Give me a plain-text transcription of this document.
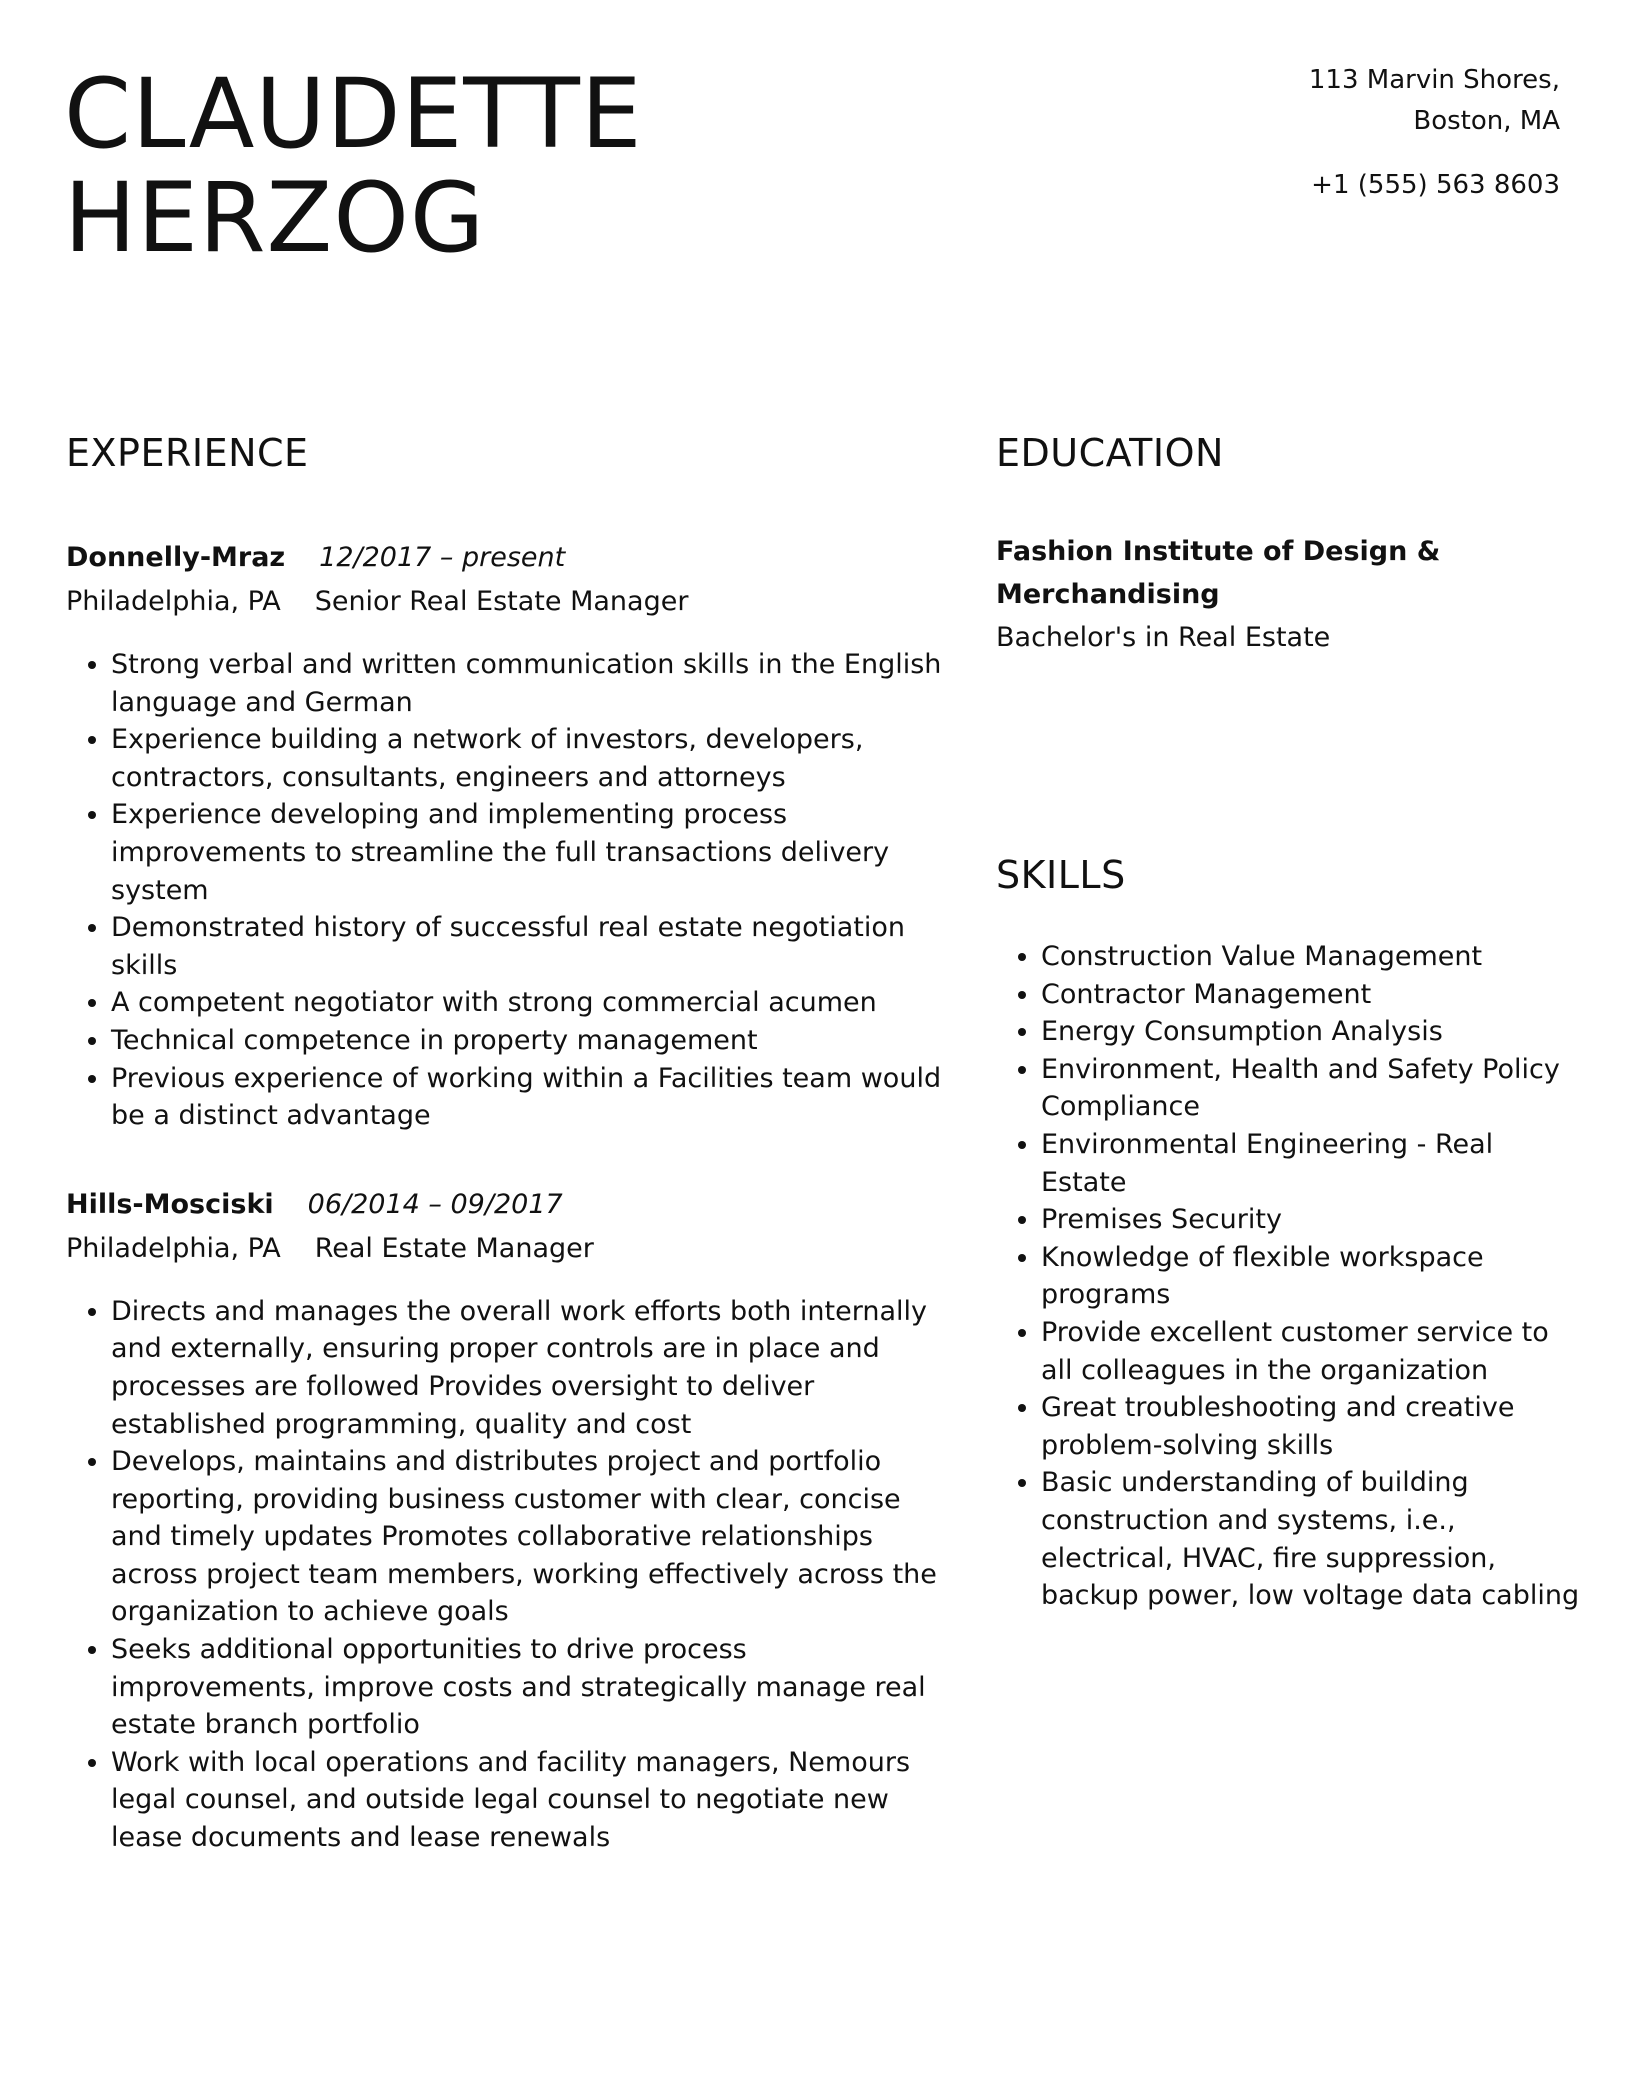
CLAUDETTE
HERZOG
113 Marvin Shores,
Boston, MA
+1 (555) 563 8603
EXPERIENCE
Donnelly-Mraz 12/2017 – present
Philadelphia, PA Senior Real Estate Manager
• Strong verbal and written communication skills in the English language and German
• Experience building a network of investors, developers, contractors, consultants, engineers and attorneys
• Experience developing and implementing process improvements to streamline the full transactions delivery system
• Demonstrated history of successful real estate negotiation skills
• A competent negotiator with strong commercial acumen
• Technical competence in property management
• Previous experience of working within a Facilities team would be a distinct advantage
Hills-Mosciski 06/2014 – 09/2017
Philadelphia, PA Real Estate Manager
• Directs and manages the overall work efforts both internally and externally, ensuring proper controls are in place and processes are followed Provides oversight to deliver established programming, quality and cost
• Develops, maintains and distributes project and portfolio reporting, providing business customer with clear, concise and timely updates Promotes collaborative relationships across project team members, working effectively across the organization to achieve goals
• Seeks additional opportunities to drive process improvements, improve costs and strategically manage real estate branch portfolio
• Work with local operations and facility managers, Nemours legal counsel, and outside legal counsel to negotiate new lease documents and lease renewals
EDUCATION
Fashion Institute of Design & Merchandising
Bachelor's in Real Estate
SKILLS
• Construction Value Management
• Contractor Management
• Energy Consumption Analysis
• Environment, Health and Safety Policy Compliance
• Environmental Engineering - Real Estate
• Premises Security
• Knowledge of flexible workspace programs
• Provide excellent customer service to all colleagues in the organization
• Great troubleshooting and creative problem-solving skills
• Basic understanding of building construction and systems, i.e., electrical, HVAC, fire suppression, backup power, low voltage data cabling
